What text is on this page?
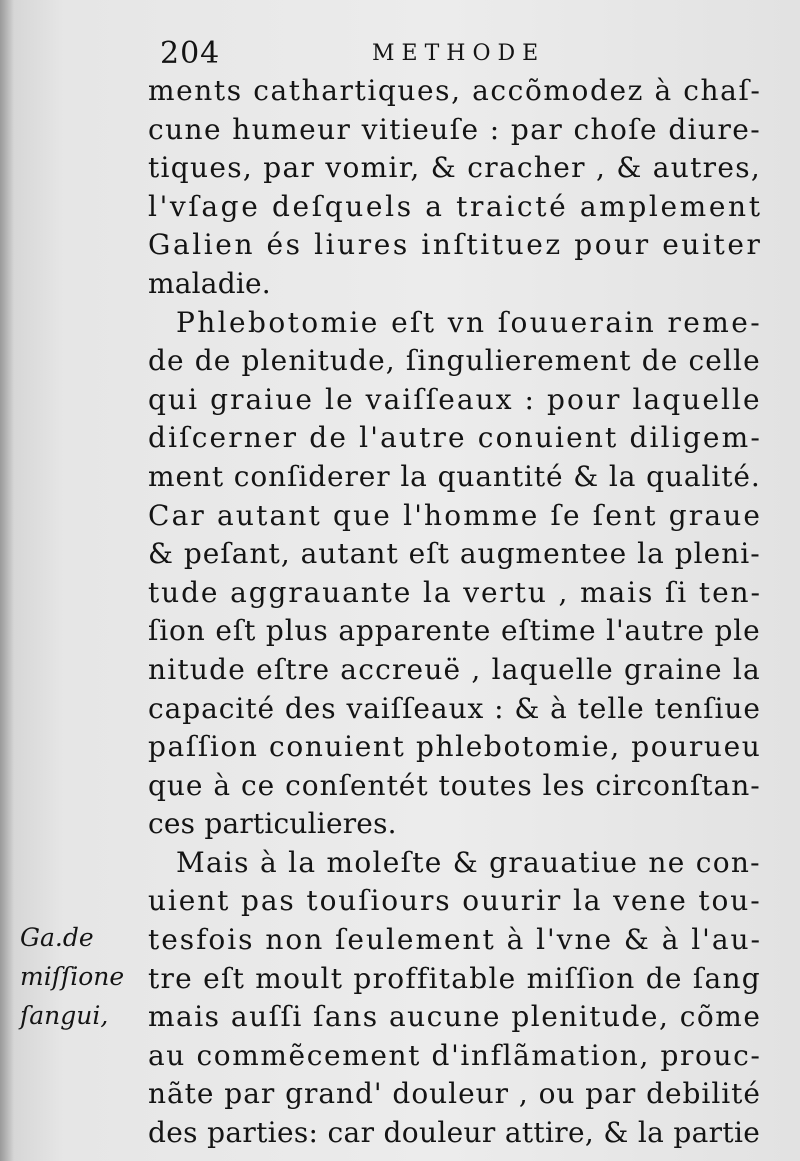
204	METHODE
ments cathartiques, accõmodez à chaſ-
cune humeur vitieuſe : par choſe diure-
tiques, par vomir, & cracher , & autres,
l'vſage deſquels a traicté amplement
Galien és liures inſtituez pour euiter
maladie.
Phlebotomie eſt vn ſouuerain reme-
de de plenitude, ſingulierement de celle
qui graiue le vaiſſeaux : pour laquelle
diſcerner de l'autre conuient diligem-
ment conſiderer la quantité & la qualité.
Car autant que l'homme ſe ſent graue
& peſant, autant eſt augmentee la pleni-
tude aggrauante la vertu , mais ſi ten-
ſion eſt plus apparente eſtime l'autre ple
nitude eſtre accreuë , laquelle graine la
capacité des vaiſſeaux : & à telle tenſiue
paſſion conuient phlebotomie, pourueu
que à ce conſentét toutes les circonſtan-
ces particulieres.
Mais à la moleſte & grauatiue ne con-
uient pas touſiours ouurir la vene tou-
tesfois non ſeulement à l'vne & à l'au-
tre eſt moult proffitable miſſion de ſang
mais auſſi ſans aucune plenitude, cõme
au commẽcement d'inflãmation, prouc-
nãte par grand' douleur , ou par debilité
des parties: car douleur attire, & la partie
Ga.de
miſſione
ſangui,
